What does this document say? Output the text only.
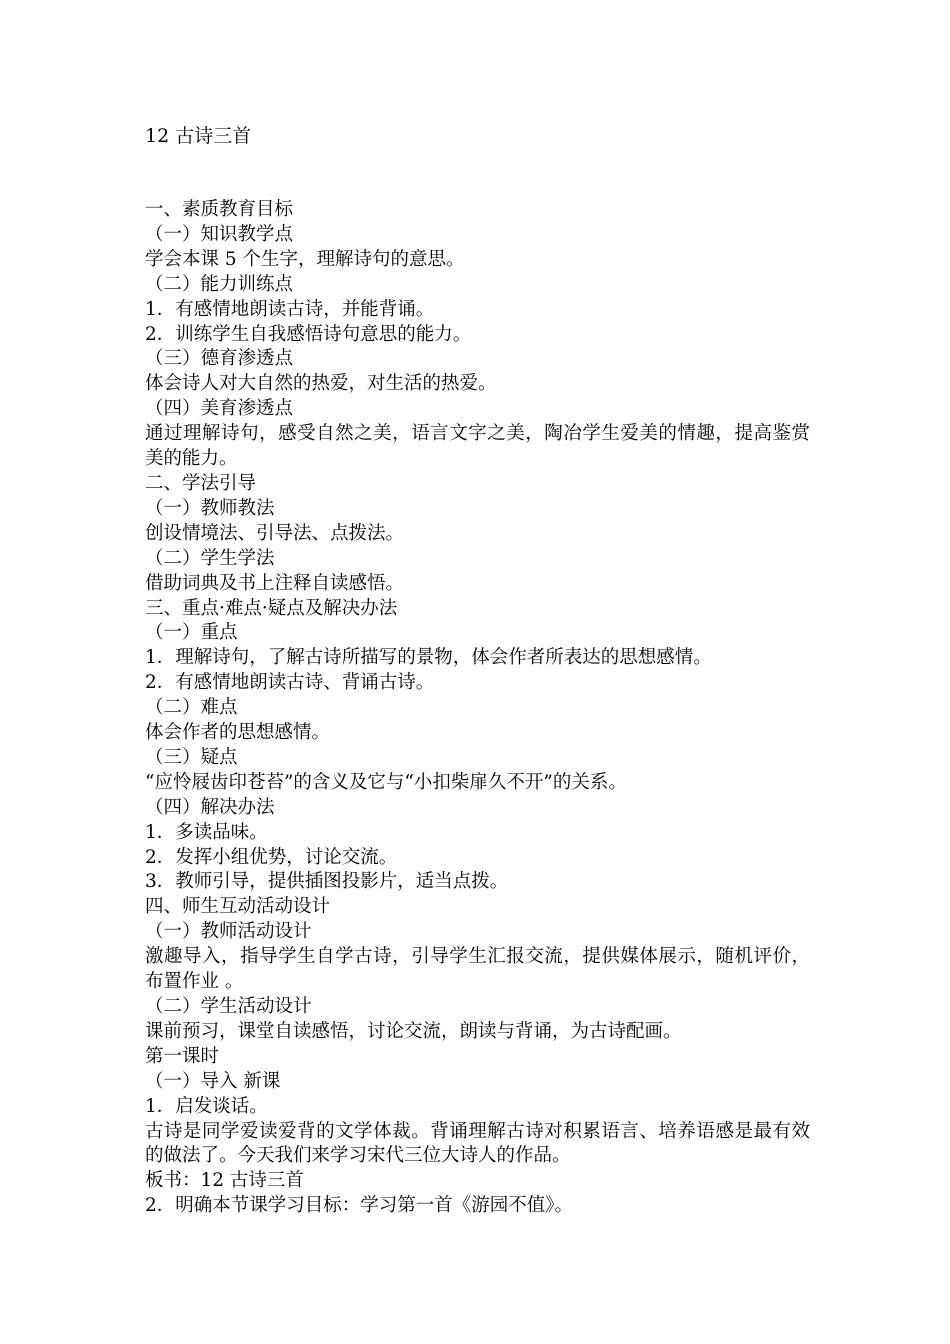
12 古诗三首

一、素质教育目标

（一）知识教学点

学会本课 5 个生字，理解诗句的意思。

（二）能力训练点

1．有感情地朗读古诗，并能背诵。

2．训练学生自我感悟诗句意思的能力。

（三）德育渗透点

体会诗人对大自然的热爱，对生活的热爱。

（四）美育渗透点

通过理解诗句，感受自然之美，语言文字之美，陶冶学生爱美的情趣，提高鉴赏美的能力。

二、学法引导

（一）教师教法

创设情境法、引导法、点拨法。

（二）学生学法

借助词典及书上注释自读感悟。

三、重点·难点·疑点及解决办法

（一）重点

1．理解诗句，了解古诗所描写的景物，体会作者所表达的思想感情。

2．有感情地朗读古诗、背诵古诗。

（二）难点

体会作者的思想感情。

（三）疑点

“应怜屐齿印苍苔”的含义及它与“小扣柴扉久不开”的关系。

（四）解决办法

1．多读品味。

2．发挥小组优势，讨论交流。

3．教师引导，提供插图投影片，适当点拨。

四、师生互动活动设计

（一）教师活动设计

激趣导入，指导学生自学古诗，引导学生汇报交流，提供媒体展示，随机评价，布置作业 。

（二）学生活动设计

课前预习，课堂自读感悟，讨论交流，朗读与背诵，为古诗配画。

第一课时

（一）导入 新课

1．启发谈话。

古诗是同学爱读爱背的文学体裁。背诵理解古诗对积累语言、培养语感是最有效的做法了。今天我们来学习宋代三位大诗人的作品。

板书：12 古诗三首

2．明确本节课学习目标：学习第一首《游园不值》。
